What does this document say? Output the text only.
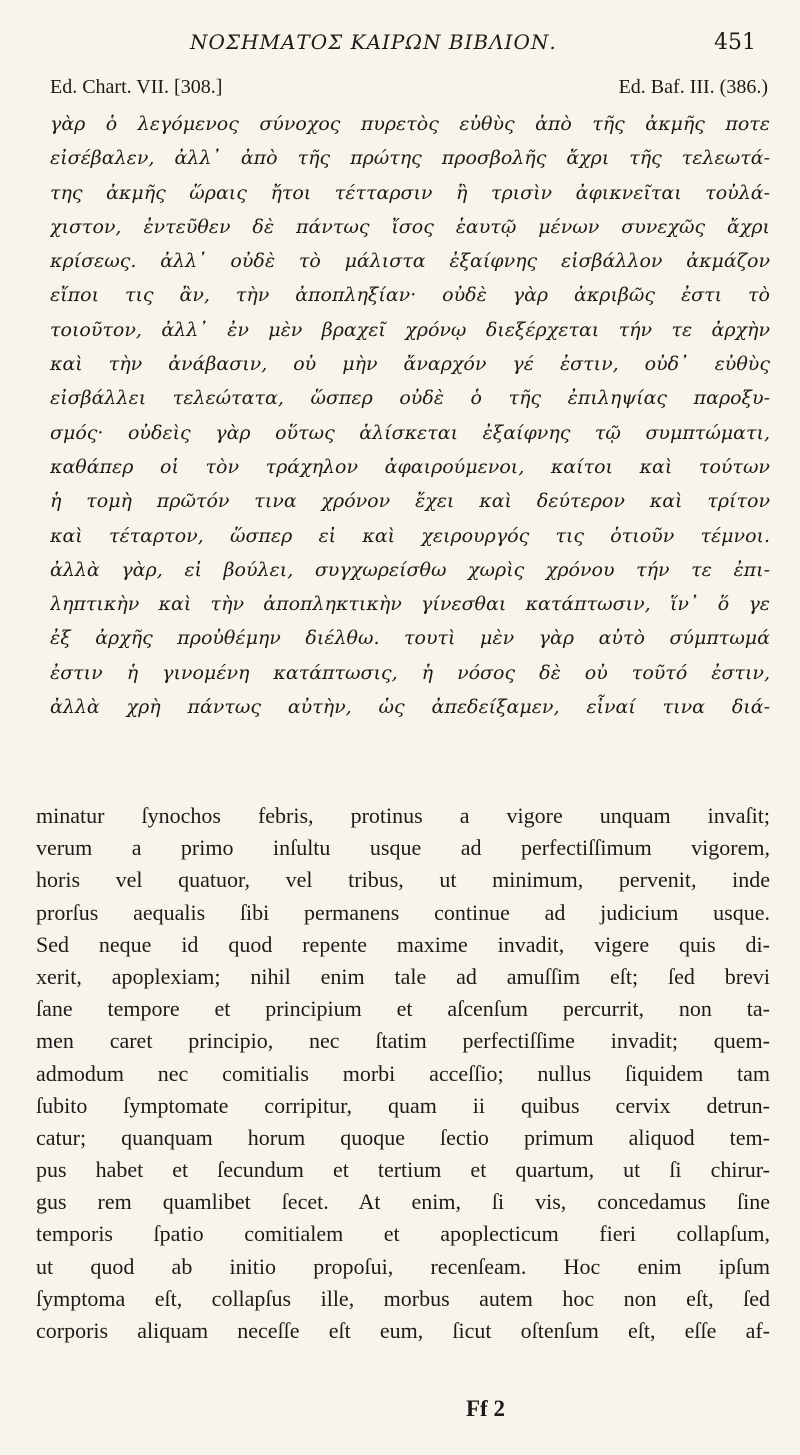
ΝΟΣΗΜΑΤΟΣ ΚΑΙΡΩΝ ΒΙΒΛΙΟΝ.	451
Ed. Chart. VII. [308.]	Ed. Baf. III. (386.)
γὰρ ὁ λεγόμενος σύνοχος πυρετὸς εὐθὺς ἀπὸ τῆς ἀκμῆς ποτε
εἰσέβαλεν, ἀλλ᾽ ἀπὸ τῆς πρώτης προσβολῆς ἄχρι τῆς τελεωτά-
της ἀκμῆς ὥραις ἤτοι τέτταρσιν ἢ τρισὶν ἀφικνεῖται τοὐλά-
χιστον, ἐντεῦθεν δὲ πάντως ἴσος ἑαυτῷ μένων συνεχῶς ἄχρι
κρίσεως. ἀλλ᾽ οὐδὲ τὸ μάλιστα ἐξαίφνης εἰσβάλλον ἀκμάζον
εἴποι τις ἂν, τὴν ἀποπληξίαν· οὐδὲ γὰρ ἀκριβῶς ἐστι τὸ
τοιοῦτον, ἀλλ᾽ ἐν μὲν βραχεῖ χρόνῳ διεξέρχεται τήν τε ἀρχὴν
καὶ τὴν ἀνάβασιν, οὐ μὴν ἄναρχόν γέ ἐστιν, οὐδ᾽ εὐθὺς
εἰσβάλλει τελεώτατα, ὥσπερ οὐδὲ ὁ τῆς ἐπιληψίας παροξυ-
σμός· οὐδεὶς γὰρ οὕτως ἁλίσκεται ἐξαίφνης τῷ συμπτώματι,
καθάπερ οἱ τὸν τράχηλον ἀφαιρούμενοι, καίτοι καὶ τούτων
ἡ τομὴ πρῶτόν τινα χρόνον ἔχει καὶ δεύτερον καὶ τρίτον
καὶ τέταρτον, ὥσπερ εἰ καὶ χειρουργός τις ὁτιοῦν τέμνοι.
ἀλλὰ γὰρ, εἰ βούλει, συγχωρείσθω χωρὶς χρόνου τήν τε ἐπι-
ληπτικὴν καὶ τὴν ἀποπληκτικὴν γίνεσθαι κατάπτωσιν, ἵν᾽ ὅ γε
ἐξ ἀρχῆς προὐθέμην διέλθω. τουτὶ μὲν γὰρ αὐτὸ σύμπτωμά
ἐστιν ἡ γινομένη κατάπτωσις, ἡ νόσος δὲ οὐ τοῦτό ἐστιν,
ἀλλὰ χρὴ πάντως αὐτὴν, ὡς ἀπεδείξαμεν, εἶναί τινα διά-
minatur ſynochos febris, protinus a vigore unquam invaſit;
verum a primo inſultu usque ad perfectiſſimum vigorem,
horis vel quatuor, vel tribus, ut minimum, pervenit, inde
prorſus aequalis ſibi permanens continue ad judicium usque.
Sed neque id quod repente maxime invadit, vigere quis di-
xerit, apoplexiam; nihil enim tale ad amuſſim eſt; ſed brevi
ſane tempore et principium et aſcenſum percurrit, non ta-
men caret principio, nec ſtatim perfectiſſime invadit; quem-
admodum nec comitialis morbi acceſſio; nullus ſiquidem tam
ſubito ſymptomate corripitur, quam ii quibus cervix detrun-
catur; quanquam horum quoque ſectio primum aliquod tem-
pus habet et ſecundum et tertium et quartum, ut ſi chirur-
gus rem quamlibet ſecet. At enim, ſi vis, concedamus ſine
temporis ſpatio comitialem et apoplecticum fieri collapſum,
ut quod ab initio propoſui, recenſeam. Hoc enim ipſum
ſymptoma eſt, collapſus ille, morbus autem hoc non eſt, ſed
corporis aliquam neceſſe eſt eum, ſicut oſtenſum eſt, eſſe af-
Ff 2
